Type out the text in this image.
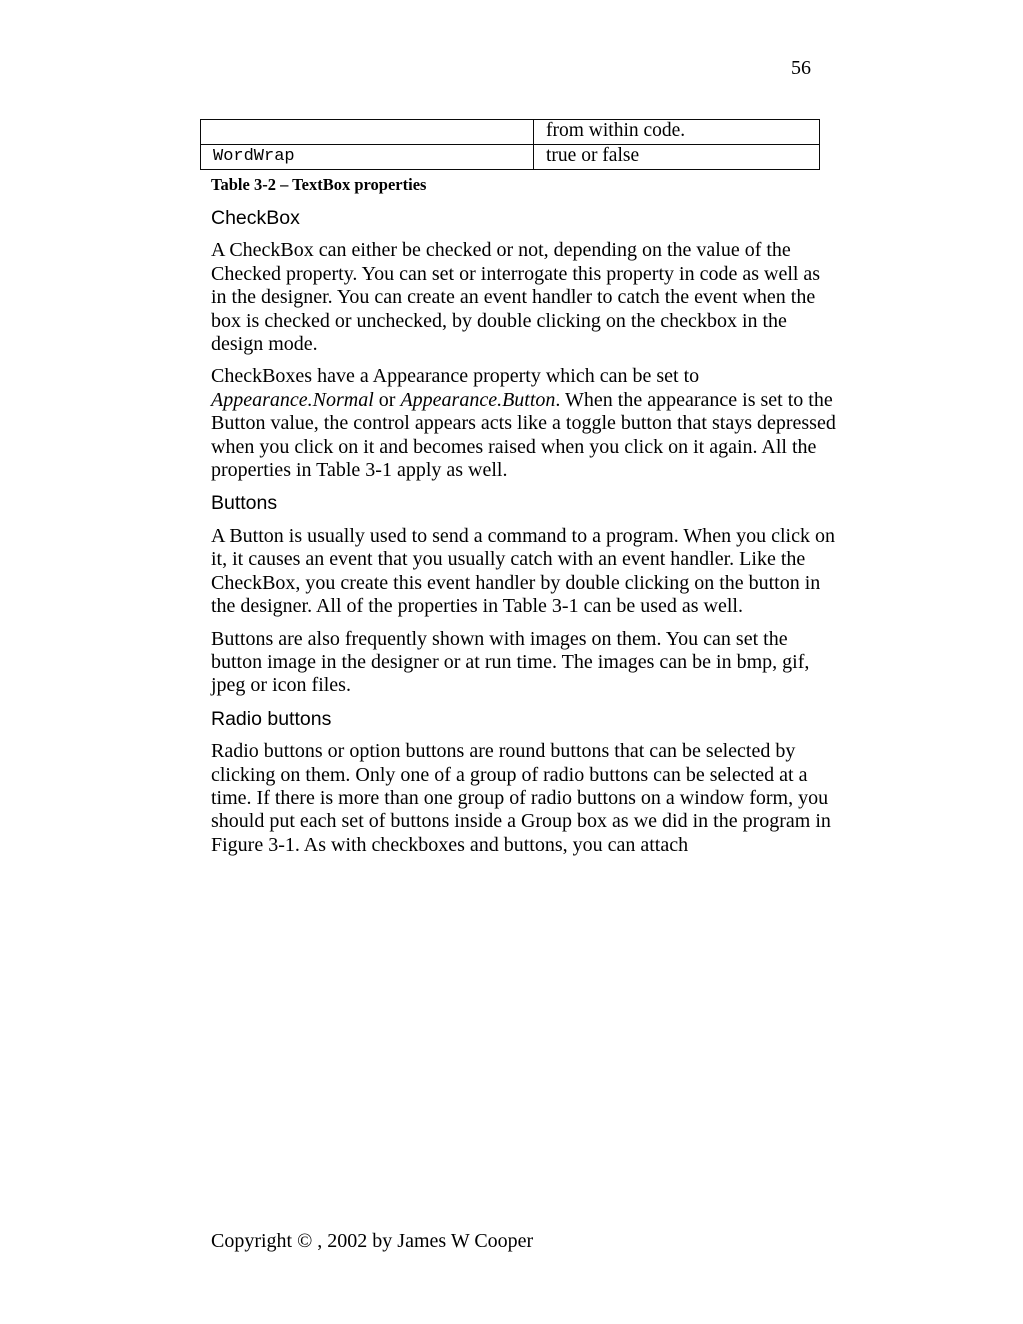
56
	from within code.
WordWrap	true or false
Table 3-2 – TextBox properties
CheckBox

A CheckBox can either be checked or not, depending on the value of the Checked property. You can set or interrogate this property in code as well as in the designer. You can create an event handler to catch the event when the box is checked or unchecked, by double clicking on the checkbox in the design mode.

CheckBoxes have a Appearance property which can be set to Appearance.Normal or Appearance.Button. When the appearance is set to the Button value, the control appears acts like a toggle button that stays depressed when you click on it and becomes raised when you click on it again. All the properties in Table 3-1 apply as well.

Buttons

A Button is usually used to send a command to a program. When you click on it, it causes an event that you usually catch with an event handler. Like the CheckBox, you create this event handler by double clicking on the button in the designer. All of the properties in Table 3-1 can be used as well.

Buttons are also frequently shown with images on them. You can set the button image in the designer or at run time. The images can be in bmp, gif, jpeg or icon files.

Radio buttons

Radio buttons or option buttons are round buttons that can be selected by clicking on them. Only one of a group of radio buttons can be selected at a time. If there is more than one group of radio buttons on a window form, you should put each set of buttons inside a Group box as we did in the program in Figure 3-1. As with checkboxes and buttons, you can attach

Copyright © , 2002 by James W Cooper
